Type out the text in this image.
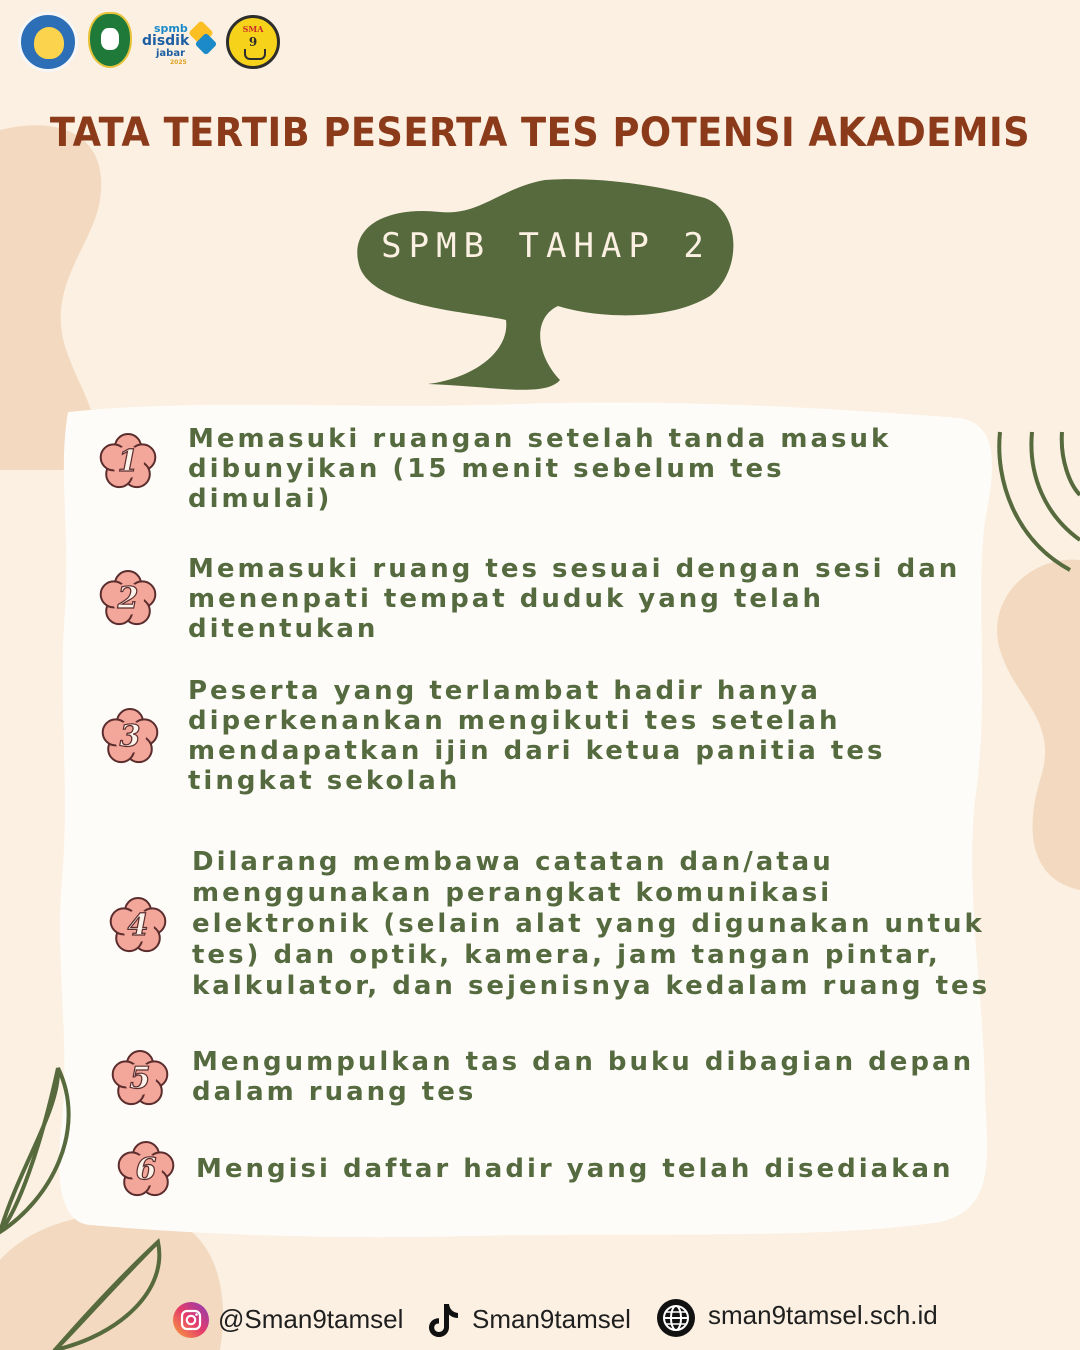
spmb
disdik
jabar
2025
SMA
9
TATA TERTIB PESERTA TES POTENSI AKADEMIS
SPMB TAHAP 2
1
Memasuki ruangan setelah tanda masuk
dibunyikan (15 menit sebelum tes
dimulai)
2
Memasuki ruang tes sesuai dengan sesi dan
menenpati tempat duduk yang telah
ditentukan
3
Peserta yang terlambat hadir hanya
diperkenankan mengikuti tes setelah
mendapatkan ijin dari ketua panitia tes
tingkat sekolah
4
Dilarang membawa catatan dan/atau
menggunakan perangkat komunikasi
elektronik (selain alat yang digunakan untuk
tes) dan optik, kamera, jam tangan pintar,
kalkulator, dan sejenisnya kedalam ruang tes
5	Mengumpulkan tas dan buku dibagian depan
dalam ruang tes
6	Mengisi daftar hadir yang telah disediakan
@Sman9tamsel	Sman9tamsel	sman9tamsel.sch.id
